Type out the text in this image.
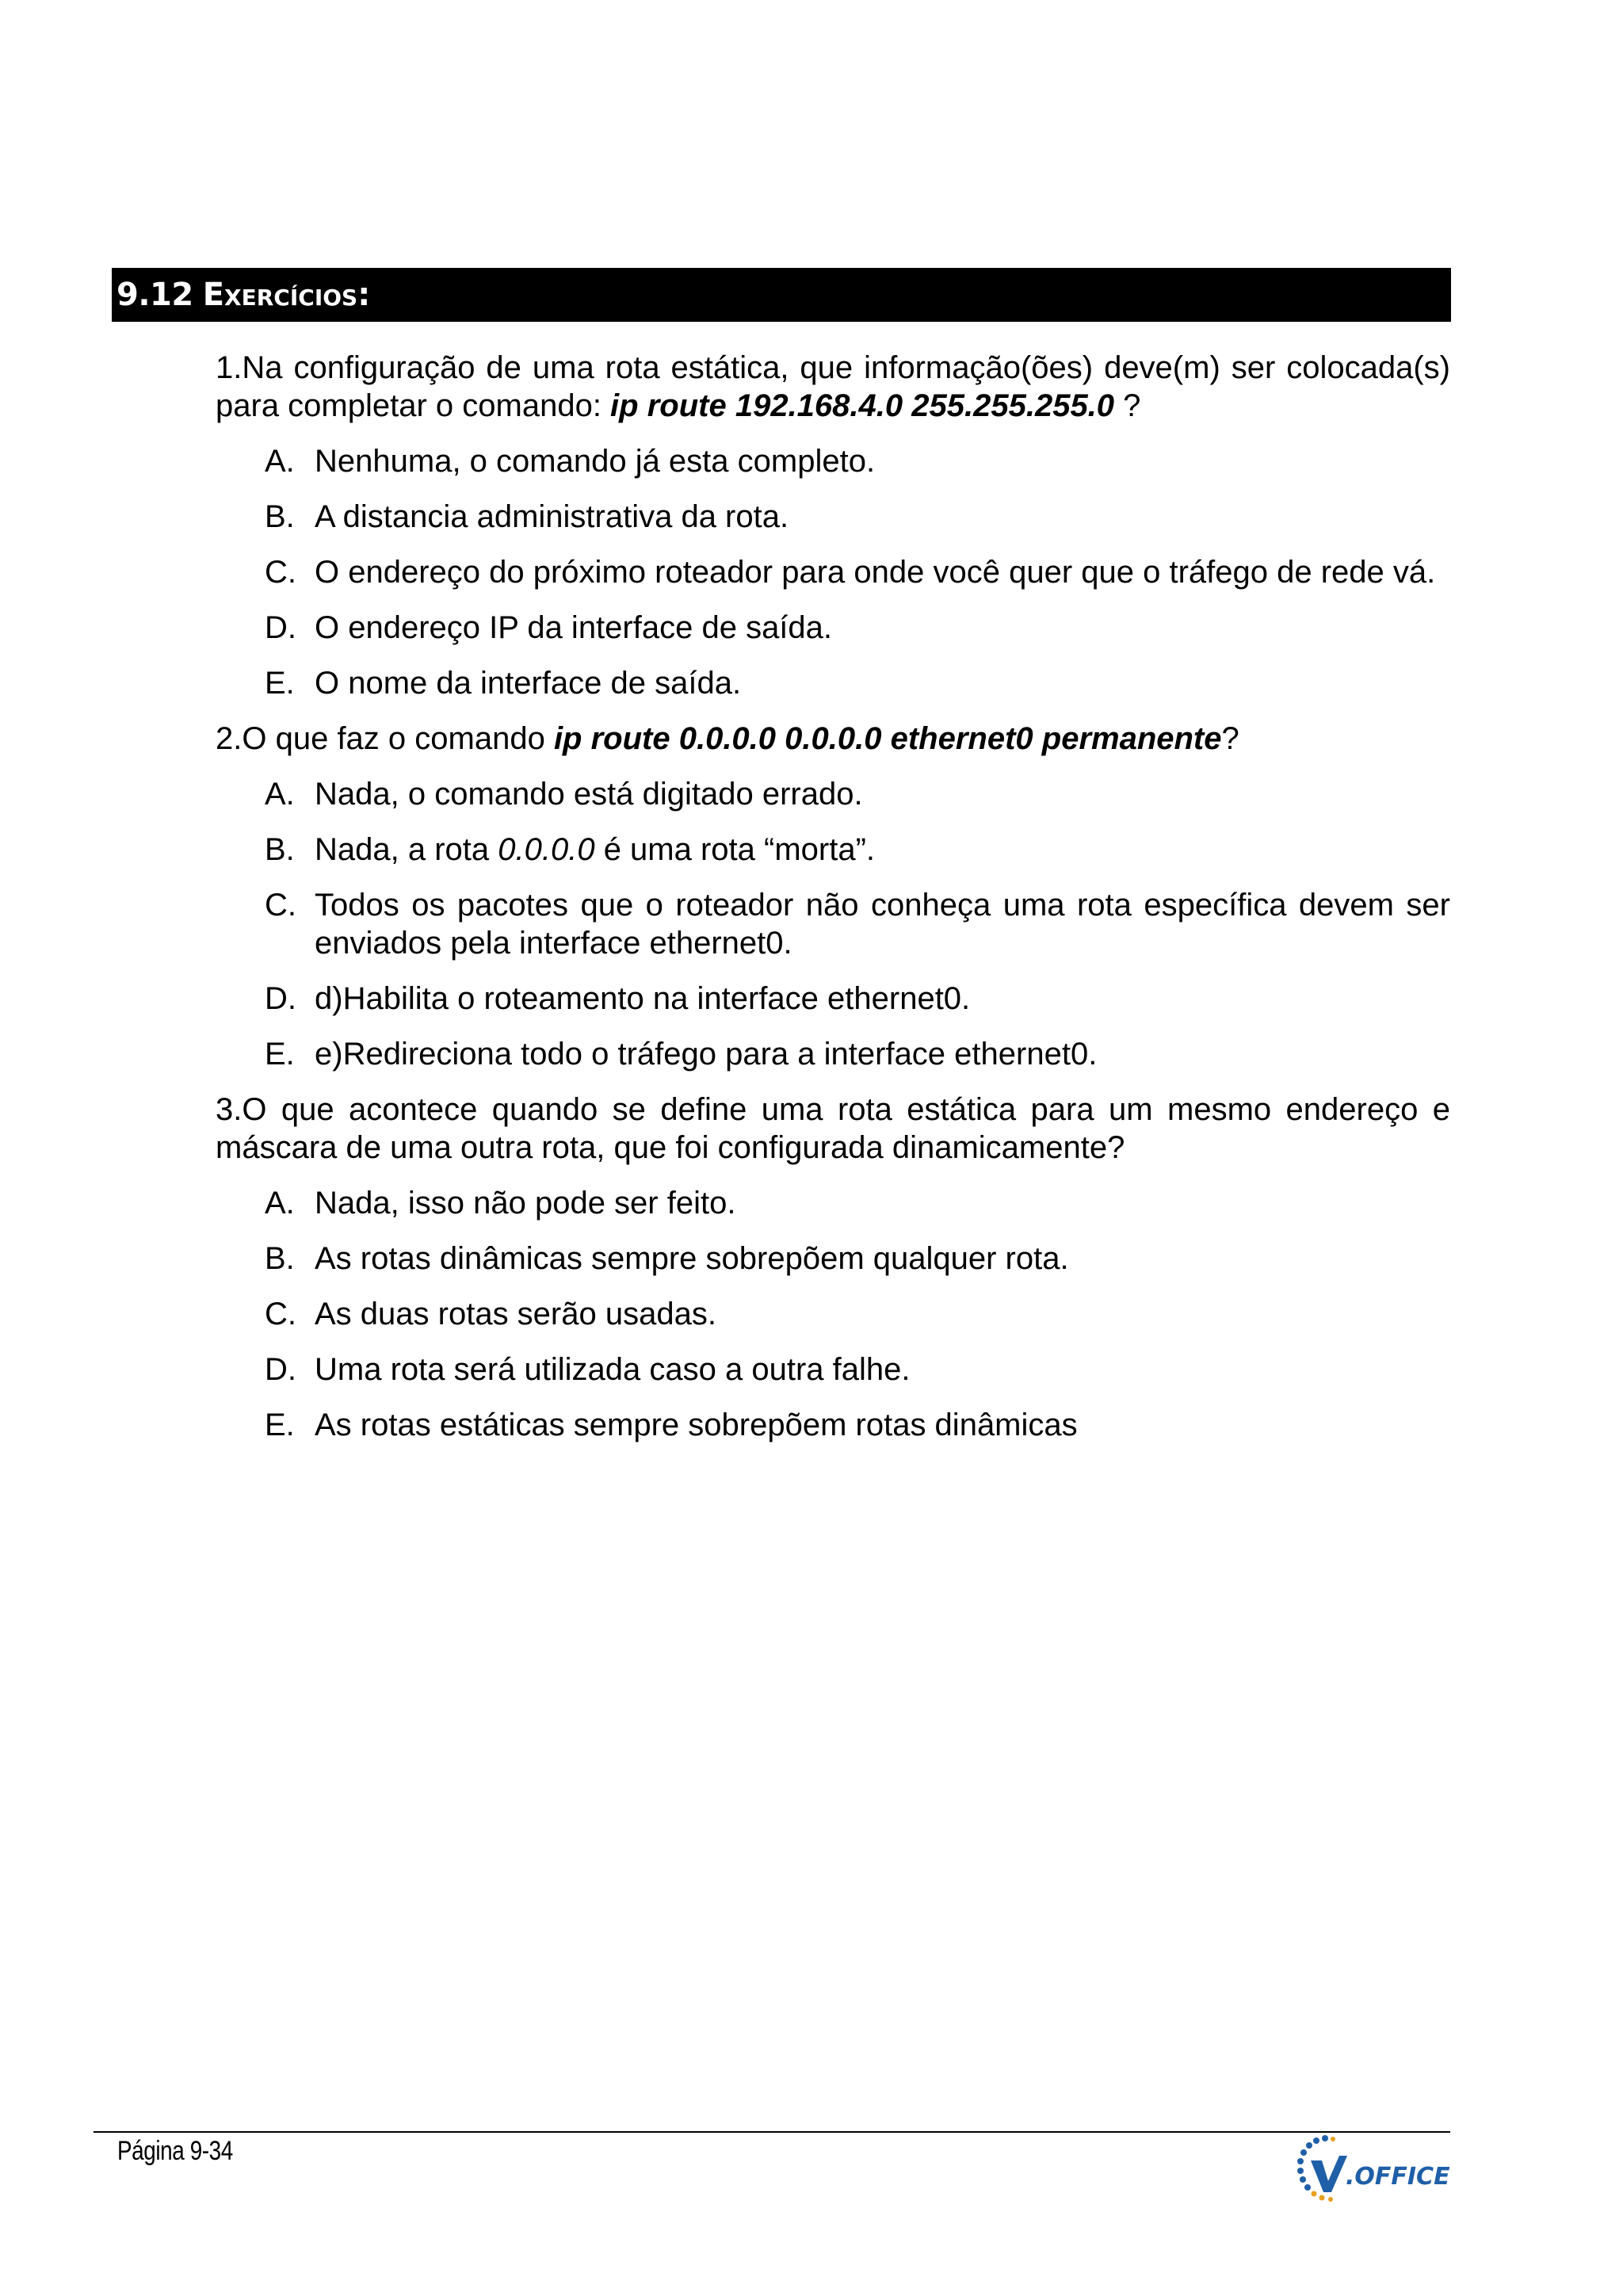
9.12 Exercícios:

1.Na configuração de uma rota estática, que informação(ões) deve(m) ser colocada(s) para completar o comando: ip route 192.168.4.0 255.255.255.0 ?

A. Nenhuma, o comando já esta completo.
B. A distancia administrativa da rota.
C. O endereço do próximo roteador para onde você quer que o tráfego de rede vá.
D. O endereço IP da interface de saída.
E. O nome da interface de saída.

2.O que faz o comando ip route 0.0.0.0 0.0.0.0 ethernet0 permanente?

A. Nada, o comando está digitado errado.
B. Nada, a rota 0.0.0.0 é uma rota “morta”.
C. Todos os pacotes que o roteador não conheça uma rota específica devem ser enviados pela interface ethernet0.
D. d)Habilita o roteamento na interface ethernet0.
E. e)Redireciona todo o tráfego para a interface ethernet0.

3.O que acontece quando se define uma rota estática para um mesmo endereço e máscara de uma outra rota, que foi configurada dinamicamente?

A. Nada, isso não pode ser feito.
B. As rotas dinâmicas sempre sobrepõem qualquer rota.
C. As duas rotas serão usadas.
D. Uma rota será utilizada caso a outra falhe.
E. As rotas estáticas sempre sobrepõem rotas dinâmicas
Página 9-34
.OFFICE
